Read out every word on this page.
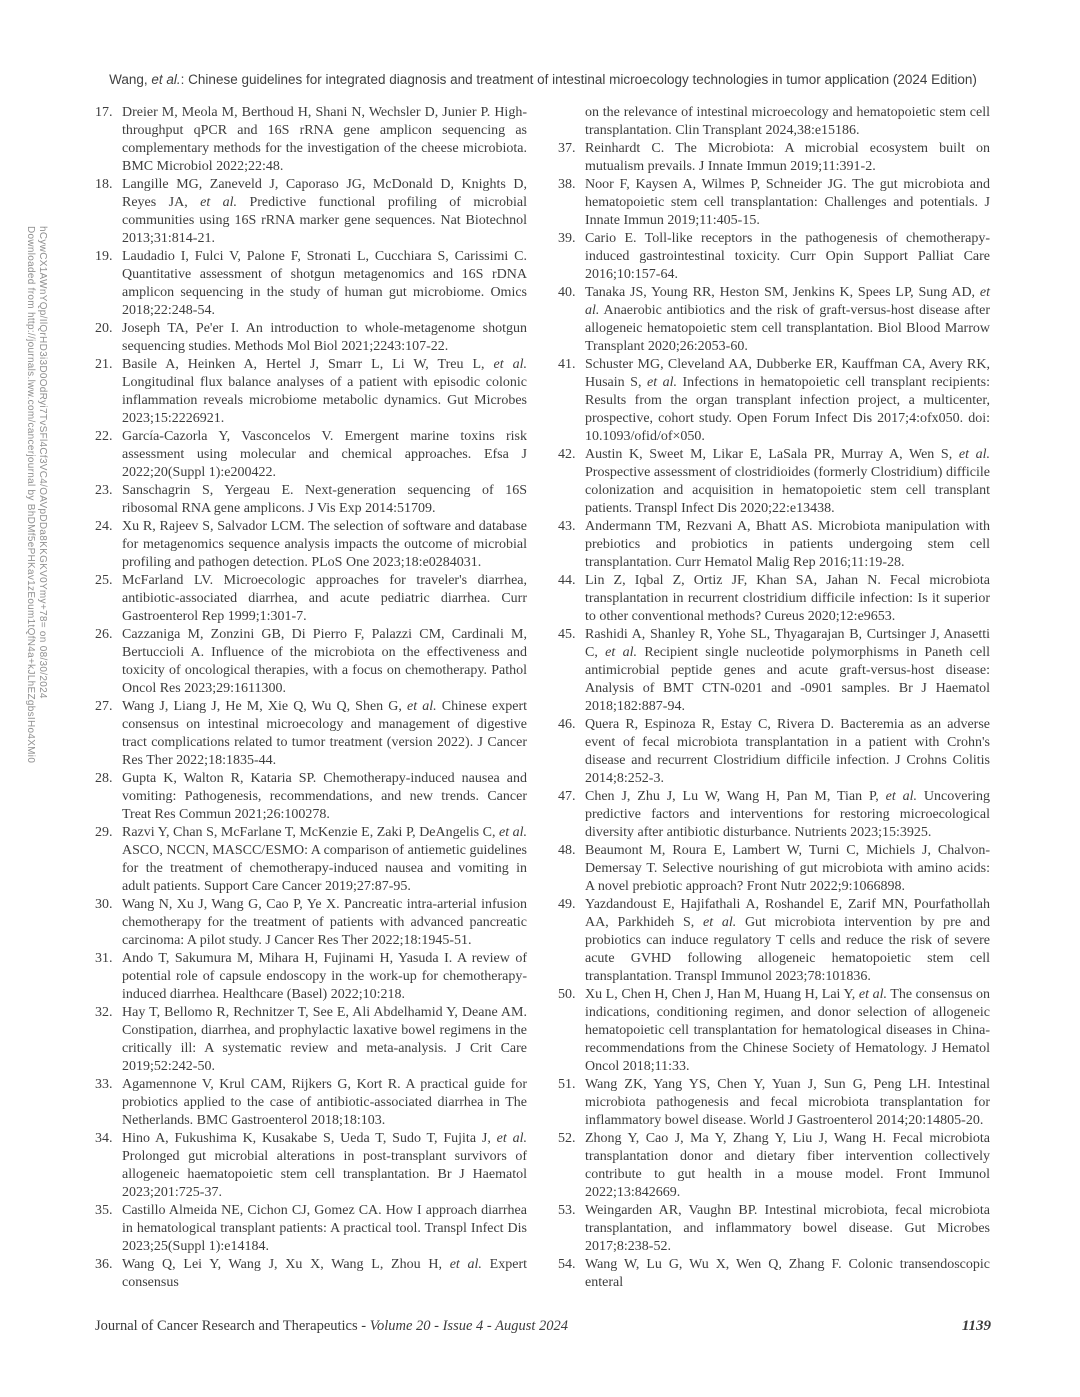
Downloaded from http://journals.lww.com/cancerjournal by BhDMf5ePHKav1zEoum1tQfN4a+kJLhEZgbsIHo4XMi0 hCywCX1AWnYQp/IlQrHD3i3D0OdRyi7TvSFl4Cf3VC4/OAVpDDa8KKGKV0Ymy+78= on 08/30/2024
Wang, et al.: Chinese guidelines for integrated diagnosis and treatment of intestinal microecology technologies in tumor application (2024 Edition)
17. Dreier M, Meola M, Berthoud H, Shani N, Wechsler D, Junier P. High-throughput qPCR and 16S rRNA gene amplicon sequencing as complementary methods for the investigation of the cheese microbiota. BMC Microbiol 2022;22:48.
18. Langille MG, Zaneveld J, Caporaso JG, McDonald D, Knights D, Reyes JA, et al. Predictive functional profiling of microbial communities using 16S rRNA marker gene sequences. Nat Biotechnol 2013;31:814-21.
19. Laudadio I, Fulci V, Palone F, Stronati L, Cucchiara S, Carissimi C. Quantitative assessment of shotgun metagenomics and 16S rDNA amplicon sequencing in the study of human gut microbiome. Omics 2018;22:248-54.
20. Joseph TA, Pe'er I. An introduction to whole-metagenome shotgun sequencing studies. Methods Mol Biol 2021;2243:107-22.
21. Basile A, Heinken A, Hertel J, Smarr L, Li W, Treu L, et al. Longitudinal flux balance analyses of a patient with episodic colonic inflammation reveals microbiome metabolic dynamics. Gut Microbes 2023;15:2226921.
22. García-Cazorla Y, Vasconcelos V. Emergent marine toxins risk assessment using molecular and chemical approaches. Efsa J 2022;20(Suppl 1):e200422.
23. Sanschagrin S, Yergeau E. Next-generation sequencing of 16S ribosomal RNA gene amplicons. J Vis Exp 2014:51709.
24. Xu R, Rajeev S, Salvador LCM. The selection of software and database for metagenomics sequence analysis impacts the outcome of microbial profiling and pathogen detection. PLoS One 2023;18:e0284031.
25. McFarland LV. Microecologic approaches for traveler's diarrhea, antibiotic-associated diarrhea, and acute pediatric diarrhea. Curr Gastroenterol Rep 1999;1:301-7.
26. Cazzaniga M, Zonzini GB, Di Pierro F, Palazzi CM, Cardinali M, Bertuccioli A. Influence of the microbiota on the effectiveness and toxicity of oncological therapies, with a focus on chemotherapy. Pathol Oncol Res 2023;29:1611300.
27. Wang J, Liang J, He M, Xie Q, Wu Q, Shen G, et al. Chinese expert consensus on intestinal microecology and management of digestive tract complications related to tumor treatment (version 2022). J Cancer Res Ther 2022;18:1835-44.
28. Gupta K, Walton R, Kataria SP. Chemotherapy-induced nausea and vomiting: Pathogenesis, recommendations, and new trends. Cancer Treat Res Commun 2021;26:100278.
29. Razvi Y, Chan S, McFarlane T, McKenzie E, Zaki P, DeAngelis C, et al. ASCO, NCCN, MASCC/ESMO: A comparison of antiemetic guidelines for the treatment of chemotherapy-induced nausea and vomiting in adult patients. Support Care Cancer 2019;27:87-95.
30. Wang N, Xu J, Wang G, Cao P, Ye X. Pancreatic intra-arterial infusion chemotherapy for the treatment of patients with advanced pancreatic carcinoma: A pilot study. J Cancer Res Ther 2022;18:1945-51.
31. Ando T, Sakumura M, Mihara H, Fujinami H, Yasuda I. A review of potential role of capsule endoscopy in the work-up for chemotherapy-induced diarrhea. Healthcare (Basel) 2022;10:218.
32. Hay T, Bellomo R, Rechnitzer T, See E, Ali Abdelhamid Y, Deane AM. Constipation, diarrhea, and prophylactic laxative bowel regimens in the critically ill: A systematic review and meta-analysis. J Crit Care 2019;52:242-50.
33. Agamennone V, Krul CAM, Rijkers G, Kort R. A practical guide for probiotics applied to the case of antibiotic-associated diarrhea in The Netherlands. BMC Gastroenterol 2018;18:103.
34. Hino A, Fukushima K, Kusakabe S, Ueda T, Sudo T, Fujita J, et al. Prolonged gut microbial alterations in post-transplant survivors of allogeneic haematopoietic stem cell transplantation. Br J Haematol 2023;201:725-37.
35. Castillo Almeida NE, Cichon CJ, Gomez CA. How I approach diarrhea in hematological transplant patients: A practical tool. Transpl Infect Dis 2023;25(Suppl 1):e14184.
36. Wang Q, Lei Y, Wang J, Xu X, Wang L, Zhou H, et al. Expert consensus
on the relevance of intestinal microecology and hematopoietic stem cell transplantation. Clin Transplant 2024,38:e15186.
37. Reinhardt C. The Microbiota: A microbial ecosystem built on mutualism prevails. J Innate Immun 2019;11:391-2.
38. Noor F, Kaysen A, Wilmes P, Schneider JG. The gut microbiota and hematopoietic stem cell transplantation: Challenges and potentials. J Innate Immun 2019;11:405-15.
39. Cario E. Toll-like receptors in the pathogenesis of chemotherapy-induced gastrointestinal toxicity. Curr Opin Support Palliat Care 2016;10:157-64.
40. Tanaka JS, Young RR, Heston SM, Jenkins K, Spees LP, Sung AD, et al. Anaerobic antibiotics and the risk of graft-versus-host disease after allogeneic hematopoietic stem cell transplantation. Biol Blood Marrow Transplant 2020;26:2053-60.
41. Schuster MG, Cleveland AA, Dubberke ER, Kauffman CA, Avery RK, Husain S, et al. Infections in hematopoietic cell transplant recipients: Results from the organ transplant infection project, a multicenter, prospective, cohort study. Open Forum Infect Dis 2017;4:ofx050. doi: 10.1093/ofid/of×050.
42. Austin K, Sweet M, Likar E, LaSala PR, Murray A, Wen S, et al. Prospective assessment of clostridioides (formerly Clostridium) difficile colonization and acquisition in hematopoietic stem cell transplant patients. Transpl Infect Dis 2020;22:e13438.
43. Andermann TM, Rezvani A, Bhatt AS. Microbiota manipulation with prebiotics and probiotics in patients undergoing stem cell transplantation. Curr Hematol Malig Rep 2016;11:19-28.
44. Lin Z, Iqbal Z, Ortiz JF, Khan SA, Jahan N. Fecal microbiota transplantation in recurrent clostridium difficile infection: Is it superior to other conventional methods? Cureus 2020;12:e9653.
45. Rashidi A, Shanley R, Yohe SL, Thyagarajan B, Curtsinger J, Anasetti C, et al. Recipient single nucleotide polymorphisms in Paneth cell antimicrobial peptide genes and acute graft-versus-host disease: Analysis of BMT CTN-0201 and -0901 samples. Br J Haematol 2018;182:887-94.
46. Quera R, Espinoza R, Estay C, Rivera D. Bacteremia as an adverse event of fecal microbiota transplantation in a patient with Crohn's disease and recurrent Clostridium difficile infection. J Crohns Colitis 2014;8:252-3.
47. Chen J, Zhu J, Lu W, Wang H, Pan M, Tian P, et al. Uncovering predictive factors and interventions for restoring microecological diversity after antibiotic disturbance. Nutrients 2023;15:3925.
48. Beaumont M, Roura E, Lambert W, Turni C, Michiels J, Chalvon-Demersay T. Selective nourishing of gut microbiota with amino acids: A novel prebiotic approach? Front Nutr 2022;9:1066898.
49. Yazdandoust E, Hajifathali A, Roshandel E, Zarif MN, Pourfathollah AA, Parkhideh S, et al. Gut microbiota intervention by pre and probiotics can induce regulatory T cells and reduce the risk of severe acute GVHD following allogeneic hematopoietic stem cell transplantation. Transpl Immunol 2023;78:101836.
50. Xu L, Chen H, Chen J, Han M, Huang H, Lai Y, et al. The consensus on indications, conditioning regimen, and donor selection of allogeneic hematopoietic cell transplantation for hematological diseases in China-recommendations from the Chinese Society of Hematology. J Hematol Oncol 2018;11:33.
51. Wang ZK, Yang YS, Chen Y, Yuan J, Sun G, Peng LH. Intestinal microbiota pathogenesis and fecal microbiota transplantation for inflammatory bowel disease. World J Gastroenterol 2014;20:14805-20.
52. Zhong Y, Cao J, Ma Y, Zhang Y, Liu J, Wang H. Fecal microbiota transplantation donor and dietary fiber intervention collectively contribute to gut health in a mouse model. Front Immunol 2022;13:842669.
53. Weingarden AR, Vaughn BP. Intestinal microbiota, fecal microbiota transplantation, and inflammatory bowel disease. Gut Microbes 2017;8:238-52.
54. Wang W, Lu G, Wu X, Wen Q, Zhang F. Colonic transendoscopic enteral
Journal of Cancer Research and Therapeutics - Volume 20 - Issue 4 - August 2024	1139
